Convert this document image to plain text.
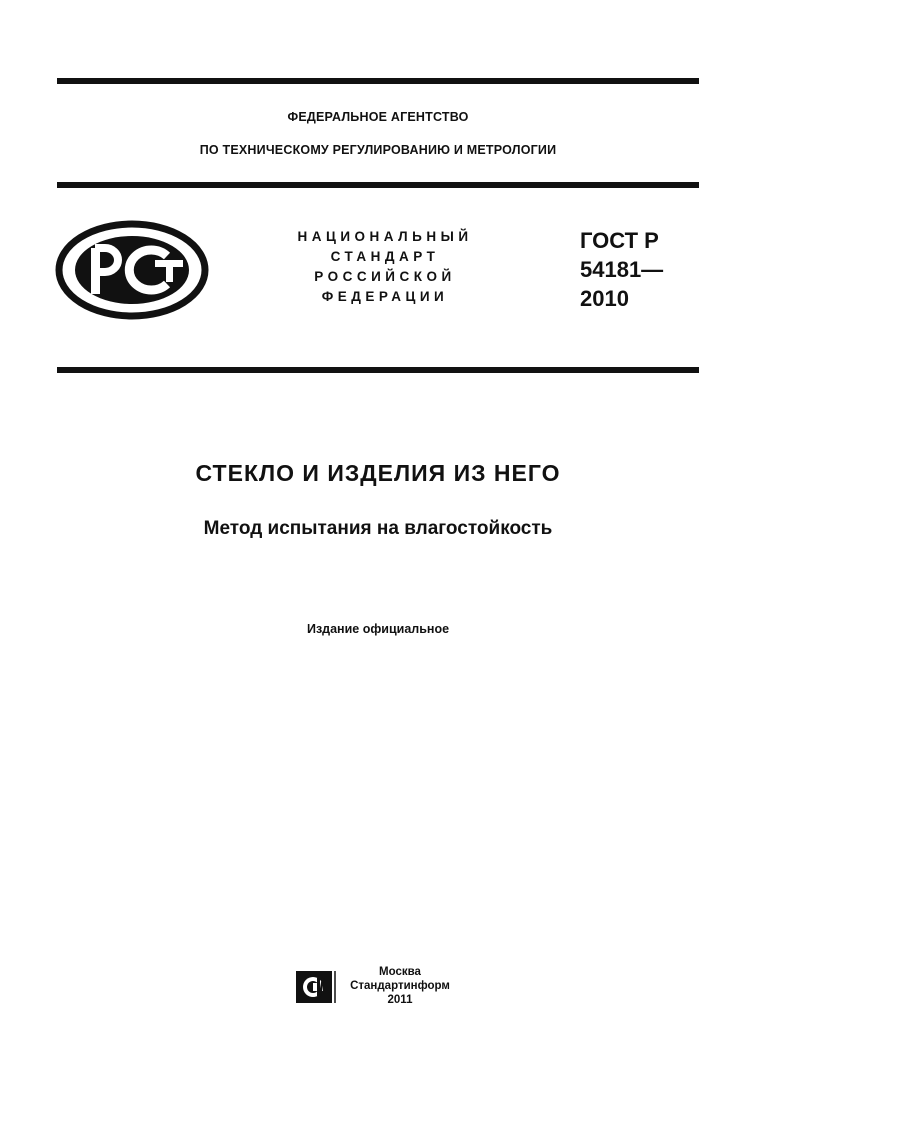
ФЕДЕРАЛЬНОЕ АГЕНТСТВО
ПО ТЕХНИЧЕСКОМУ РЕГУЛИРОВАНИЮ И МЕТРОЛОГИИ
НАЦИОНАЛЬНЫЙ
СТАНДАРТ
РОССИЙСКОЙ
ФЕДЕРАЦИИ
ГОСТ Р
54181—
2010
СТЕКЛО И ИЗДЕЛИЯ ИЗ НЕГО
Метод испытания на влагостойкость
Издание официальное
Москва
Стандартинформ
2011
